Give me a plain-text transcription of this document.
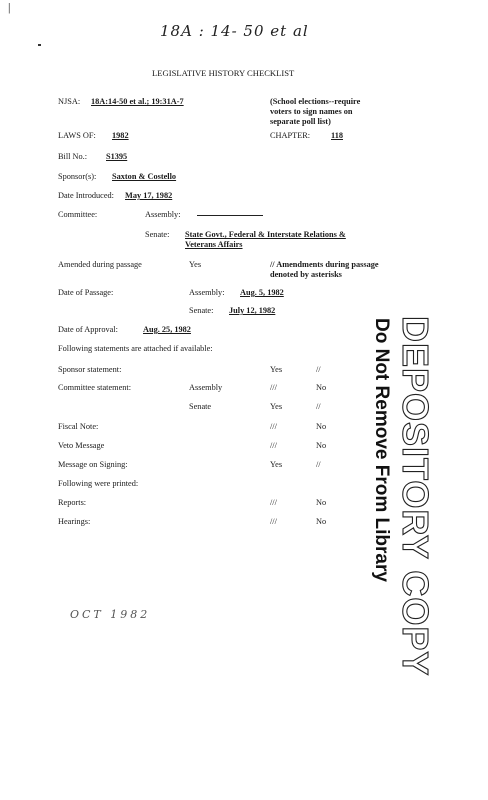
|
18A : 14- 50 et al
LEGISLATIVE HISTORY CHECKLIST
NJSA: 18A:14-50 et al.; 19:31A-7	(School elections--require
voters to sign names on
separate poll list)
LAWS OF: 1982	CHAPTER:	118
Bill No.: S1395
Sponsor(s): Saxton & Costello
Date Introduced: May 17, 1982
Committee:	Assembly:
Senate: State Govt., Federal & Interstate Relations &
Veterans Affairs
Amended during passage	Yes	// Amendments during passage
denoted by asterisks
Date of Passage:	Assembly: Aug. 5, 1982
Senate: July 12, 1982
Date of Approval:	Aug. 25, 1982
Following statements are attached if available:
Sponsor statement:	Yes	//
Committee statement:	Assembly	///	No
Senate	Yes	//
Fiscal Note:	///	No
Veto Message	///	No
Message on Signing:	Yes	//
Following were printed:
Reports:	///	No
Hearings:	///	No DEPOSITORY COPY
Do Not Remove From Library
OCT 1982
